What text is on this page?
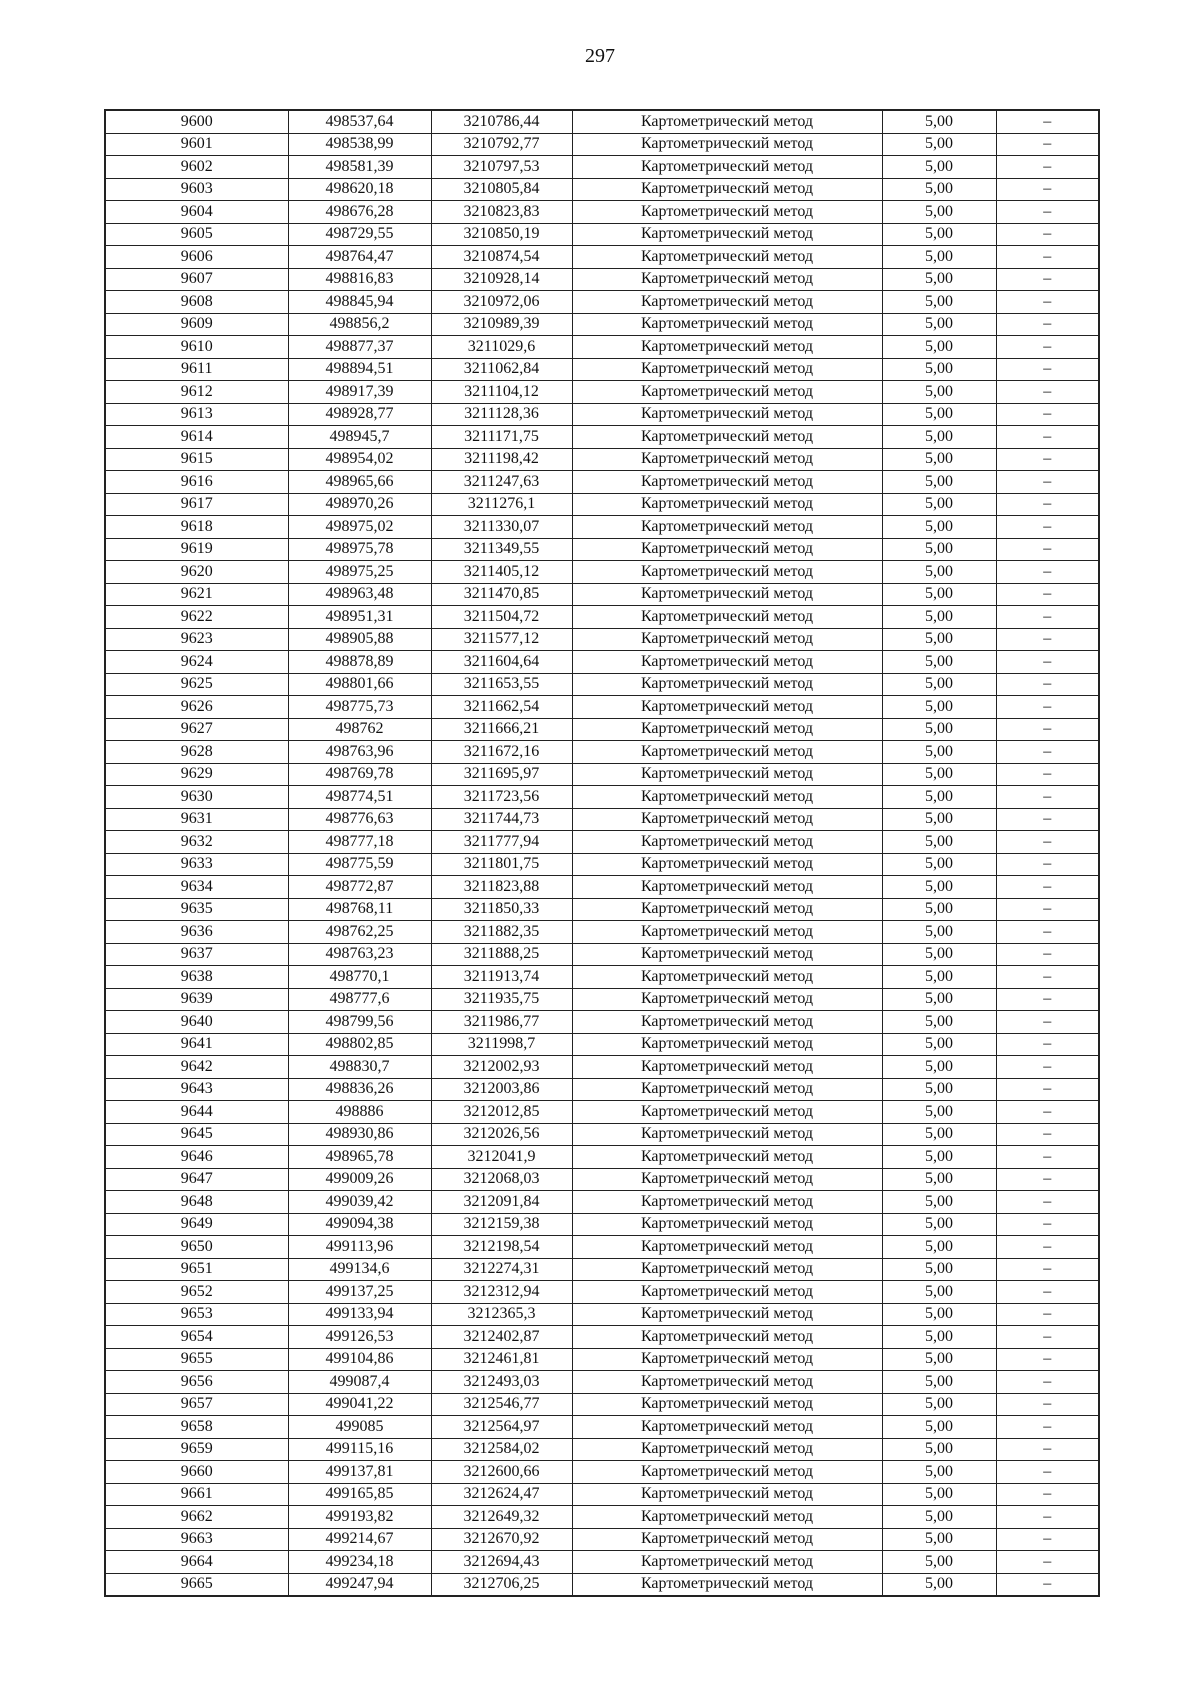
297
9600	498537,64	3210786,44	Картометрический метод	5,00	–
9601	498538,99	3210792,77	Картометрический метод	5,00	–
9602	498581,39	3210797,53	Картометрический метод	5,00	–
9603	498620,18	3210805,84	Картометрический метод	5,00	–
9604	498676,28	3210823,83	Картометрический метод	5,00	–
9605	498729,55	3210850,19	Картометрический метод	5,00	–
9606	498764,47	3210874,54	Картометрический метод	5,00	–
9607	498816,83	3210928,14	Картометрический метод	5,00	–
9608	498845,94	3210972,06	Картометрический метод	5,00	–
9609	498856,2	3210989,39	Картометрический метод	5,00	–
9610	498877,37	3211029,6	Картометрический метод	5,00	–
9611	498894,51	3211062,84	Картометрический метод	5,00	–
9612	498917,39	3211104,12	Картометрический метод	5,00	–
9613	498928,77	3211128,36	Картометрический метод	5,00	–
9614	498945,7	3211171,75	Картометрический метод	5,00	–
9615	498954,02	3211198,42	Картометрический метод	5,00	–
9616	498965,66	3211247,63	Картометрический метод	5,00	–
9617	498970,26	3211276,1	Картометрический метод	5,00	–
9618	498975,02	3211330,07	Картометрический метод	5,00	–
9619	498975,78	3211349,55	Картометрический метод	5,00	–
9620	498975,25	3211405,12	Картометрический метод	5,00	–
9621	498963,48	3211470,85	Картометрический метод	5,00	–
9622	498951,31	3211504,72	Картометрический метод	5,00	–
9623	498905,88	3211577,12	Картометрический метод	5,00	–
9624	498878,89	3211604,64	Картометрический метод	5,00	–
9625	498801,66	3211653,55	Картометрический метод	5,00	–
9626	498775,73	3211662,54	Картометрический метод	5,00	–
9627	498762	3211666,21	Картометрический метод	5,00	–
9628	498763,96	3211672,16	Картометрический метод	5,00	–
9629	498769,78	3211695,97	Картометрический метод	5,00	–
9630	498774,51	3211723,56	Картометрический метод	5,00	–
9631	498776,63	3211744,73	Картометрический метод	5,00	–
9632	498777,18	3211777,94	Картометрический метод	5,00	–
9633	498775,59	3211801,75	Картометрический метод	5,00	–
9634	498772,87	3211823,88	Картометрический метод	5,00	–
9635	498768,11	3211850,33	Картометрический метод	5,00	–
9636	498762,25	3211882,35	Картометрический метод	5,00	–
9637	498763,23	3211888,25	Картометрический метод	5,00	–
9638	498770,1	3211913,74	Картометрический метод	5,00	–
9639	498777,6	3211935,75	Картометрический метод	5,00	–
9640	498799,56	3211986,77	Картометрический метод	5,00	–
9641	498802,85	3211998,7	Картометрический метод	5,00	–
9642	498830,7	3212002,93	Картометрический метод	5,00	–
9643	498836,26	3212003,86	Картометрический метод	5,00	–
9644	498886	3212012,85	Картометрический метод	5,00	–
9645	498930,86	3212026,56	Картометрический метод	5,00	–
9646	498965,78	3212041,9	Картометрический метод	5,00	–
9647	499009,26	3212068,03	Картометрический метод	5,00	–
9648	499039,42	3212091,84	Картометрический метод	5,00	–
9649	499094,38	3212159,38	Картометрический метод	5,00	–
9650	499113,96	3212198,54	Картометрический метод	5,00	–
9651	499134,6	3212274,31	Картометрический метод	5,00	–
9652	499137,25	3212312,94	Картометрический метод	5,00	–
9653	499133,94	3212365,3	Картометрический метод	5,00	–
9654	499126,53	3212402,87	Картометрический метод	5,00	–
9655	499104,86	3212461,81	Картометрический метод	5,00	–
9656	499087,4	3212493,03	Картометрический метод	5,00	–
9657	499041,22	3212546,77	Картометрический метод	5,00	–
9658	499085	3212564,97	Картометрический метод	5,00	–
9659	499115,16	3212584,02	Картометрический метод	5,00	–
9660	499137,81	3212600,66	Картометрический метод	5,00	–
9661	499165,85	3212624,47	Картометрический метод	5,00	–
9662	499193,82	3212649,32	Картометрический метод	5,00	–
9663	499214,67	3212670,92	Картометрический метод	5,00	–
9664	499234,18	3212694,43	Картометрический метод	5,00	–
9665	499247,94	3212706,25	Картометрический метод	5,00	–
